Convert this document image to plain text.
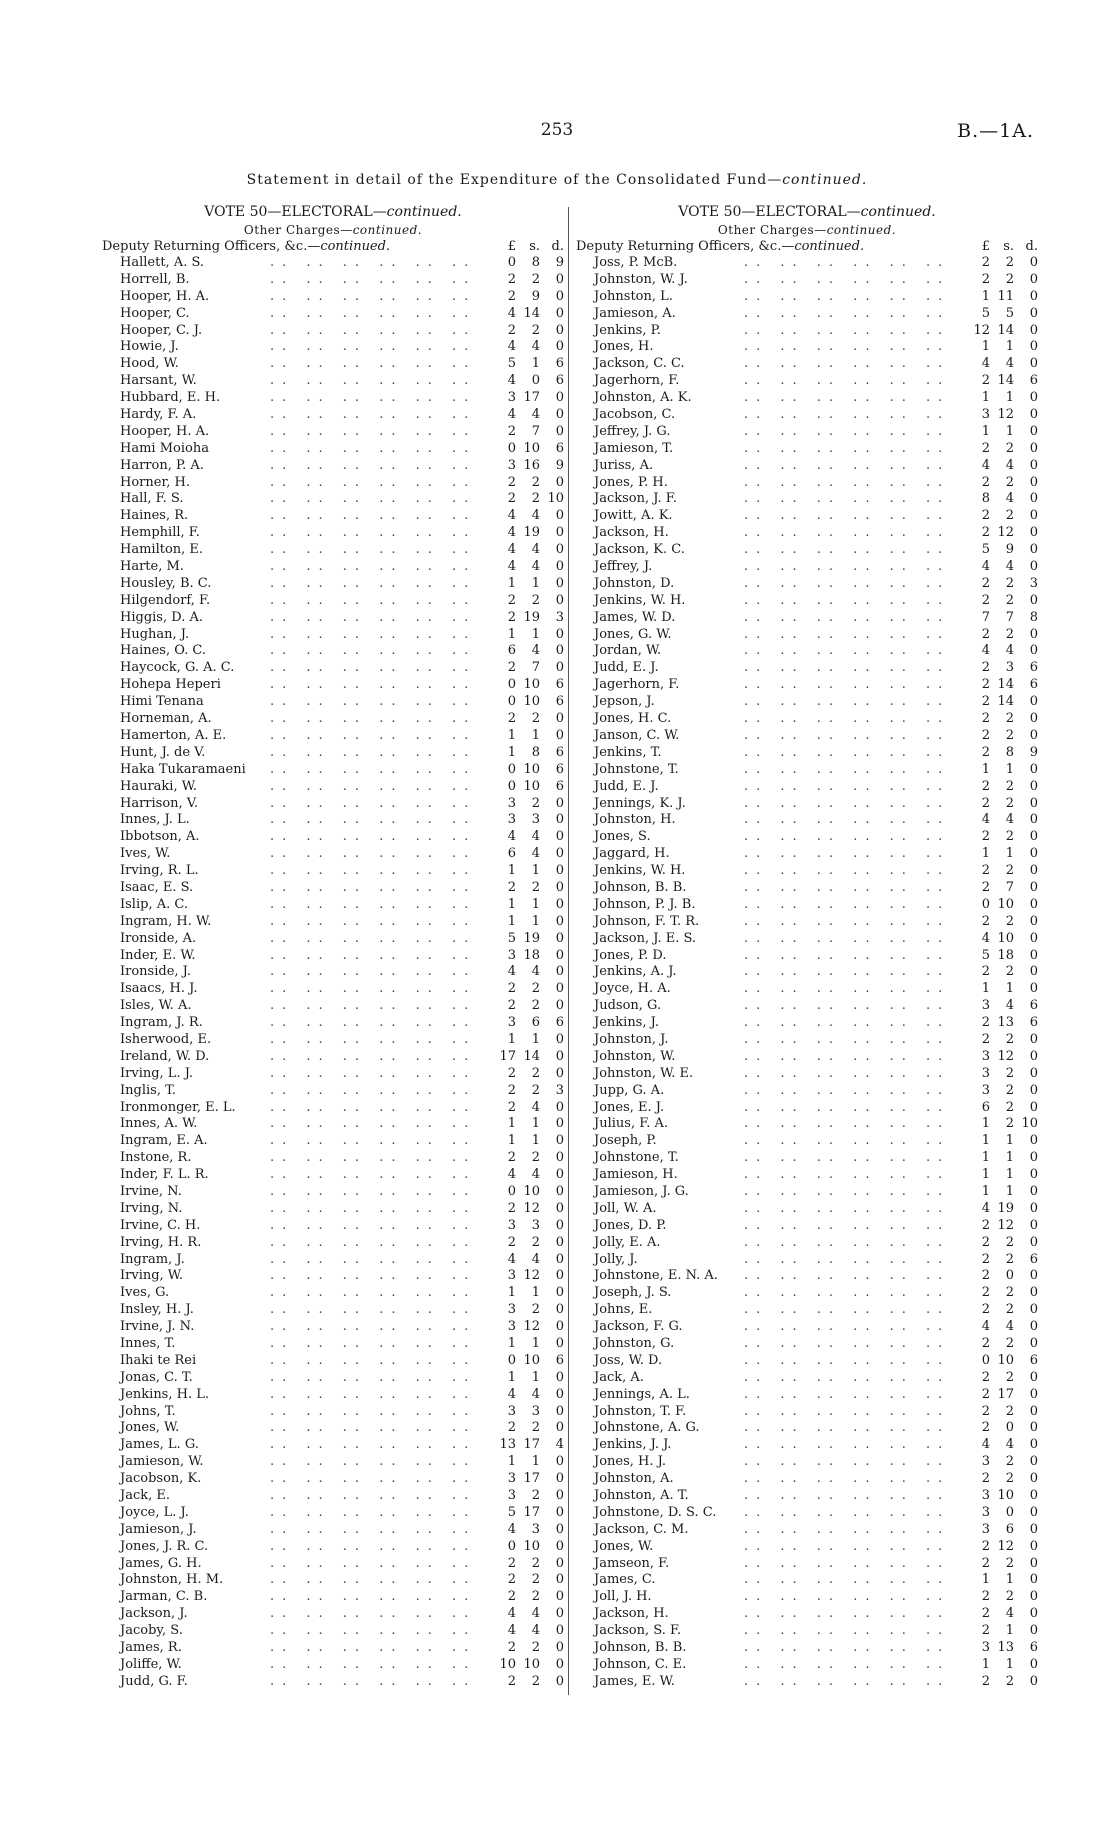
253	B.—1A.
Statement in detail of the Expenditure of the Consolidated Fund—continued.
VOTE 50—ELECTORAL—continued.
Other Charges—continued.
Deputy Returning Officers, &c.—continued.	£	s. d.
Hallett, A. S.	.. .. .. .. .. ..	0	8	9
Horrell, B.	.. .. .. .. .. ..	2	2	0
Hooper, H. A.	.. .. .. .. .. ..	2	9	0
Hooper, C.	.. .. .. .. .. ..	4 14	0
Hooper, C. J.	.. .. .. .. .. ..	2	2	0
Howie, J.	.. .. .. .. .. ..	4	4	0
Hood, W.	.. .. .. .. .. ..	5	1	6
Harsant, W.	.. .. .. .. .. ..	4	0	6
Hubbard, E. H.	.. .. .. .. .. ..	3 17	0
Hardy, F. A.	.. .. .. .. .. ..	4	4	0
Hooper, H. A.	.. .. .. .. .. ..	2	7	0
Hami Moioha	.. .. .. .. .. ..	0 10	6
Harron, P. A.	.. .. .. .. .. ..	3 16	9
Horner, H.	.. .. .. .. .. ..	2	2	0
Hall, F. S.	.. .. .. .. .. ..	2	2 10
Haines, R.	.. .. .. .. .. ..	4	4	0
Hemphill, F.	.. .. .. .. .. ..	4 19	0
Hamilton, E.	.. .. .. .. .. ..	4	4	0
Harte, M.	.. .. .. .. .. ..	4	4	0
Housley, B. C.	.. .. .. .. .. ..	1	1	0
Hilgendorf, F.	.. .. .. .. .. ..	2	2	0
Higgis, D. A.	.. .. .. .. .. ..	2 19	3
Hughan, J.	.. .. .. .. .. ..	1	1	0
Haines, O. C.	.. .. .. .. .. ..	6	4	0
Haycock, G. A. C.	.. .. .. .. .. ..	2	7	0
Hohepa Heperi	.. .. .. .. .. ..	0 10	6
Himi Tenana	.. .. .. .. .. ..	0 10	6
Horneman, A.	.. .. .. .. .. ..	2	2	0
Hamerton, A. E.	.. .. .. .. .. ..	1	1	0
Hunt, J. de V.	.. .. .. .. .. ..	1	8	6
Haka Tukaramaeni	.. .. .. .. .. ..	0 10	6
Hauraki, W.	.. .. .. .. .. ..	0 10	6
Harrison, V.	.. .. .. .. .. ..	3	2	0
Innes, J. L.	.. .. .. .. .. ..	3	3	0
Ibbotson, A.	.. .. .. .. .. ..	4	4	0
Ives, W.	.. .. .. .. .. ..	6	4	0
Irving, R. L.	.. .. .. .. .. ..	1	1	0
Isaac, E. S.	.. .. .. .. .. ..	2	2	0
Islip, A. C.	.. .. .. .. .. ..	1	1	0
Ingram, H. W.	.. .. .. .. .. ..	1	1	0
Ironside, A.	.. .. .. .. .. ..	5 19	0
Inder, E. W.	.. .. .. .. .. ..	3 18	0
Ironside, J.	.. .. .. .. .. ..	4	4	0
Isaacs, H. J.	.. .. .. .. .. ..	2	2	0
Isles, W. A.	.. .. .. .. .. ..	2	2	0
Ingram, J. R.	.. .. .. .. .. ..	3	6	6
Isherwood, E.	.. .. .. .. .. ..	1	1	0
Ireland, W. D.	.. .. .. .. .. ..	17 14	0
Irving, L. J.	.. .. .. .. .. ..	2	2	0
Inglis, T.	.. .. .. .. .. ..	2	2	3
Ironmonger, E. L.	.. .. .. .. .. ..	2	4	0
Innes, A. W.	.. .. .. .. .. ..	1	1	0
Ingram, E. A.	.. .. .. .. .. ..	1	1	0
Instone, R.	.. .. .. .. .. ..	2	2	0
Inder, F. L. R.	.. .. .. .. .. ..	4	4	0
Irvine, N.	.. .. .. .. .. ..	0 10	0
Irving, N.	.. .. .. .. .. ..	2 12	0
Irvine, C. H.	.. .. .. .. .. ..	3	3	0
Irving, H. R.	.. .. .. .. .. ..	2	2	0
Ingram, J.	.. .. .. .. .. ..	4	4	0
Irving, W.	.. .. .. .. .. ..	3 12	0
Ives, G.	.. .. .. .. .. ..	1	1	0
Insley, H. J.	.. .. .. .. .. ..	3	2	0
Irvine, J. N.	.. .. .. .. .. ..	3 12	0
Innes, T.	.. .. .. .. .. ..	1	1	0
Ihaki te Rei	.. .. .. .. .. ..	0 10	6
Jonas, C. T.	.. .. .. .. .. ..	1	1	0
Jenkins, H. L.	.. .. .. .. .. ..	4	4	0
Johns, T.	.. .. .. .. .. ..	3	3	0
Jones, W.	.. .. .. .. .. ..	2	2	0
James, L. G.	.. .. .. .. .. ..	13 17	4
Jamieson, W.	.. .. .. .. .. ..	1	1	0
Jacobson, K.	.. .. .. .. .. ..	3 17	0
Jack, E.	.. .. .. .. .. ..	3	2	0
Joyce, L. J.	.. .. .. .. .. ..	5 17	0
Jamieson, J.	.. .. .. .. .. ..	4	3	0
Jones, J. R. C.	.. .. .. .. .. ..	0 10	0
James, G. H.	.. .. .. .. .. ..	2	2	0
Johnston, H. M.	.. .. .. .. .. ..	2	2	0
Jarman, C. B.	.. .. .. .. .. ..	2	2	0
Jackson, J.	.. .. .. .. .. ..	4	4	0
Jacoby, S.	.. .. .. .. .. ..	4	4	0
James, R.	.. .. .. .. .. ..	2	2	0
Joliffe, W.	.. .. .. .. .. ..	10 10	0
Judd, G. F.	.. .. .. .. .. ..	2	2	0
VOTE 50—ELECTORAL—continued.
Other Charges—continued.
Deputy Returning Officers, &c.—continued.	£	s. d.
Joss, P. McB.	.. .. .. .. .. ..	2	2	0
Johnston, W. J.	.. .. .. .. .. ..	2	2	0
Johnston, L.	.. .. .. .. .. ..	1 11	0
Jamieson, A.	.. .. .. .. .. ..	5	5	0
Jenkins, P.	.. .. .. .. .. ..	12 14	0
Jones, H.	.. .. .. .. .. ..	1	1	0
Jackson, C. C.	.. .. .. .. .. ..	4	4	0
Jagerhorn, F.	.. .. .. .. .. ..	2 14	6
Johnston, A. K.	.. .. .. .. .. ..	1	1	0
Jacobson, C.	.. .. .. .. .. ..	3 12	0
Jeffrey, J. G.	.. .. .. .. .. ..	1	1	0
Jamieson, T.	.. .. .. .. .. ..	2	2	0
Juriss, A.	.. .. .. .. .. ..	4	4	0
Jones, P. H.	.. .. .. .. .. ..	2	2	0
Jackson, J. F.	.. .. .. .. .. ..	8	4	0
Jowitt, A. K.	.. .. .. .. .. ..	2	2	0
Jackson, H.	.. .. .. .. .. ..	2 12	0
Jackson, K. C.	.. .. .. .. .. ..	5	9	0
Jeffrey, J.	.. .. .. .. .. ..	4	4	0
Johnston, D.	.. .. .. .. .. ..	2	2	3
Jenkins, W. H.	.. .. .. .. .. ..	2	2	0
James, W. D.	.. .. .. .. .. ..	7	7	8
Jones, G. W.	.. .. .. .. .. ..	2	2	0
Jordan, W.	.. .. .. .. .. ..	4	4	0
Judd, E. J.	.. .. .. .. .. ..	2	3	6
Jagerhorn, F.	.. .. .. .. .. ..	2 14	6
Jepson, J.	.. .. .. .. .. ..	2 14	0
Jones, H. C.	.. .. .. .. .. ..	2	2	0
Janson, C. W.	.. .. .. .. .. ..	2	2	0
Jenkins, T.	.. .. .. .. .. ..	2	8	9
Johnstone, T.	.. .. .. .. .. ..	1	1	0
Judd, E. J.	.. .. .. .. .. ..	2	2	0
Jennings, K. J.	.. .. .. .. .. ..	2	2	0
Johnston, H.	.. .. .. .. .. ..	4	4	0
Jones, S.	.. .. .. .. .. ..	2	2	0
Jaggard, H.	.. .. .. .. .. ..	1	1	0
Jenkins, W. H.	.. .. .. .. .. ..	2	2	0
Johnson, B. B.	.. .. .. .. .. ..	2	7	0
Johnson, P. J. B.	.. .. .. .. .. ..	0 10	0
Johnson, F. T. R.	.. .. .. .. .. ..	2	2	0
Jackson, J. E. S.	.. .. .. .. .. ..	4 10	0
Jones, P. D.	.. .. .. .. .. ..	5 18	0
Jenkins, A. J.	.. .. .. .. .. ..	2	2	0
Joyce, H. A.	.. .. .. .. .. ..	1	1	0
Judson, G.	.. .. .. .. .. ..	3	4	6
Jenkins, J.	.. .. .. .. .. ..	2 13	6
Johnston, J.	.. .. .. .. .. ..	2	2	0
Johnston, W.	.. .. .. .. .. ..	3 12	0
Johnston, W. E.	.. .. .. .. .. ..	3	2	0
Jupp, G. A.	.. .. .. .. .. ..	3	2	0
Jones, E. J.	.. .. .. .. .. ..	6	2	0
Julius, F. A.	.. .. .. .. .. ..	1	2 10
Joseph, P.	.. .. .. .. .. ..	1	1	0
Johnstone, T.	.. .. .. .. .. ..	1	1	0
Jamieson, H.	.. .. .. .. .. ..	1	1	0
Jamieson, J. G.	.. .. .. .. .. ..	1	1	0
Joll, W. A.	.. .. .. .. .. ..	4 19	0
Jones, D. P.	.. .. .. .. .. ..	2 12	0
Jolly, E. A.	.. .. .. .. .. ..	2	2	0
Jolly, J.	.. .. .. .. .. ..	2	2	6
Johnstone, E. N. A.	.. .. .. .. .. ..	2	0	0
Joseph, J. S.	.. .. .. .. .. ..	2	2	0
Johns, E.	.. .. .. .. .. ..	2	2	0
Jackson, F. G.	.. .. .. .. .. ..	4	4	0
Johnston, G.	.. .. .. .. .. ..	2	2	0
Joss, W. D.	.. .. .. .. .. ..	0 10	6
Jack, A.	.. .. .. .. .. ..	2	2	0
Jennings, A. L.	.. .. .. .. .. ..	2 17	0
Johnston, T. F.	.. .. .. .. .. ..	2	2	0
Johnstone, A. G.	.. .. .. .. .. ..	2	0	0
Jenkins, J. J.	.. .. .. .. .. ..	4	4	0
Jones, H. J.	.. .. .. .. .. ..	3	2	0
Johnston, A.	.. .. .. .. .. ..	2	2	0
Johnston, A. T.	.. .. .. .. .. ..	3 10	0
Johnstone, D. S. C.	.. .. .. .. .. ..	3	0	0
Jackson, C. M.	.. .. .. .. .. ..	3	6	0
Jones, W.	.. .. .. .. .. ..	2 12	0
Jamseon, F.	.. .. .. .. .. ..	2	2	0
James, C.	.. .. .. .. .. ..	1	1	0
Joll, J. H.	.. .. .. .. .. ..	2	2	0
Jackson, H.	.. .. .. .. .. ..	2	4	0
Jackson, S. F.	.. .. .. .. .. ..	2	1	0
Johnson, B. B.	.. .. .. .. .. ..	3 13	6
Johnson, C. E.	.. .. .. .. .. ..	1	1	0
James, E. W.	.. .. .. .. .. ..	2	2	0
